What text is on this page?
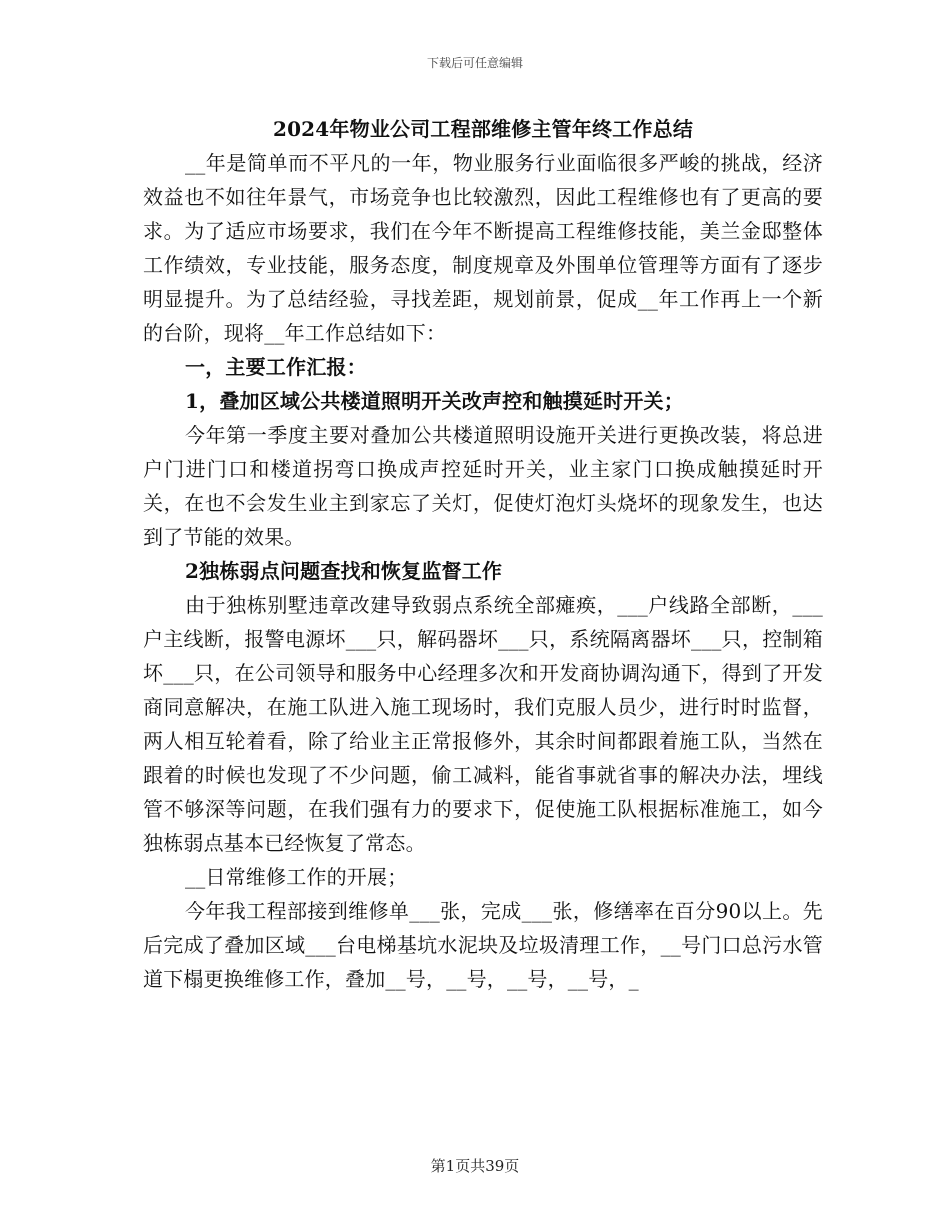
下载后可任意编辑
2024年物业公司工程部维修主管年终工作总结

__年是简单而不平凡的一年，物业服务行业面临很多严峻的挑战，经济效益也不如往年景气，市场竞争也比较激烈，因此工程维修也有了更高的要求。为了适应市场要求，我们在今年不断提高工程维修技能，美兰金邸整体工作绩效，专业技能，服务态度，制度规章及外围单位管理等方面有了逐步明显提升。为了总结经验，寻找差距，规划前景，促成__年工作再上一个新的台阶，现将__年工作总结如下：

一，主要工作汇报：

1，叠加区域公共楼道照明开关改声控和触摸延时开关；

今年第一季度主要对叠加公共楼道照明设施开关进行更换改装，将总进户门进门口和楼道拐弯口换成声控延时开关，业主家门口换成触摸延时开关，在也不会发生业主到家忘了关灯，促使灯泡灯头烧坏的现象发生，也达到了节能的效果。

2独栋弱点问题查找和恢复监督工作

由于独栋别墅违章改建导致弱点系统全部瘫痪，___户线路全部断，___户主线断，报警电源坏___只，解码器坏___只，系统隔离器坏___只，控制箱坏___只，在公司领导和服务中心经理多次和开发商协调沟通下，得到了开发商同意解决，在施工队进入施工现场时，我们克服人员少，进行时时监督，两人相互轮着看，除了给业主正常报修外，其余时间都跟着施工队，当然在跟着的时候也发现了不少问题，偷工减料，能省事就省事的解决办法，埋线管不够深等问题，在我们强有力的要求下，促使施工队根据标准施工，如今独栋弱点基本已经恢复了常态。

__日常维修工作的开展；

今年我工程部接到维修单___张，完成___张，修缮率在百分90以上。先后完成了叠加区域___台电梯基坑水泥块及垃圾清理工作，__号门口总污水管道下榻更换维修工作，叠加__号，__号，__号，__号，_

第1页共39页
